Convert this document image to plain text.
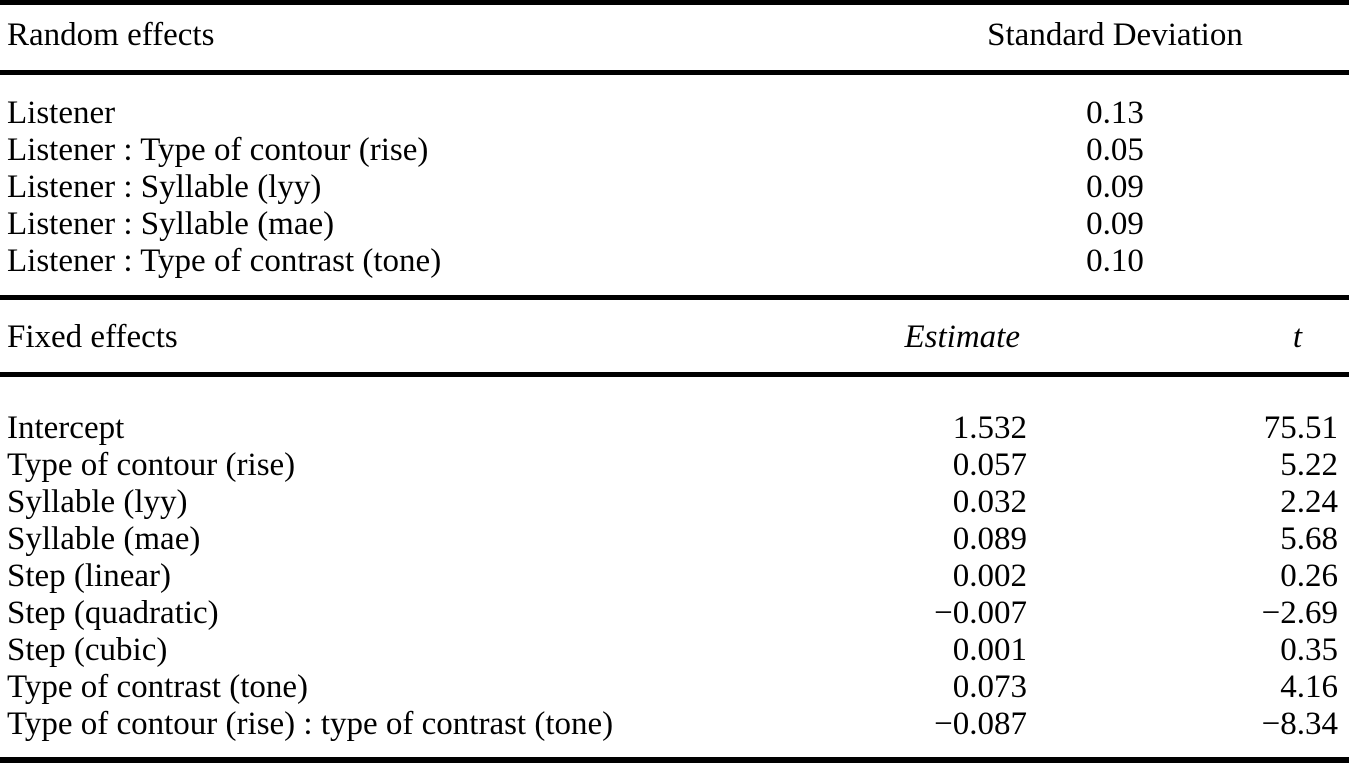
Random effects	Standard Deviation
Listener	0.13
Listener : Type of contour (rise)	0.05
Listener : Syllable (lyy)	0.09
Listener : Syllable (mae)	0.09
Listener : Type of contrast (tone)	0.10
Fixed effects	Estimate	t
Intercept	1.532	75.51
Type of contour (rise)	0.057	5.22
Syllable (lyy)	0.032	2.24
Syllable (mae)	0.089	5.68
Step (linear)	0.002	0.26
Step (quadratic)	−0.007	−2.69
Step (cubic)	0.001	0.35
Type of contrast (tone)	0.073	4.16
Type of contour (rise) : type of contrast (tone)	−0.087	−8.34
